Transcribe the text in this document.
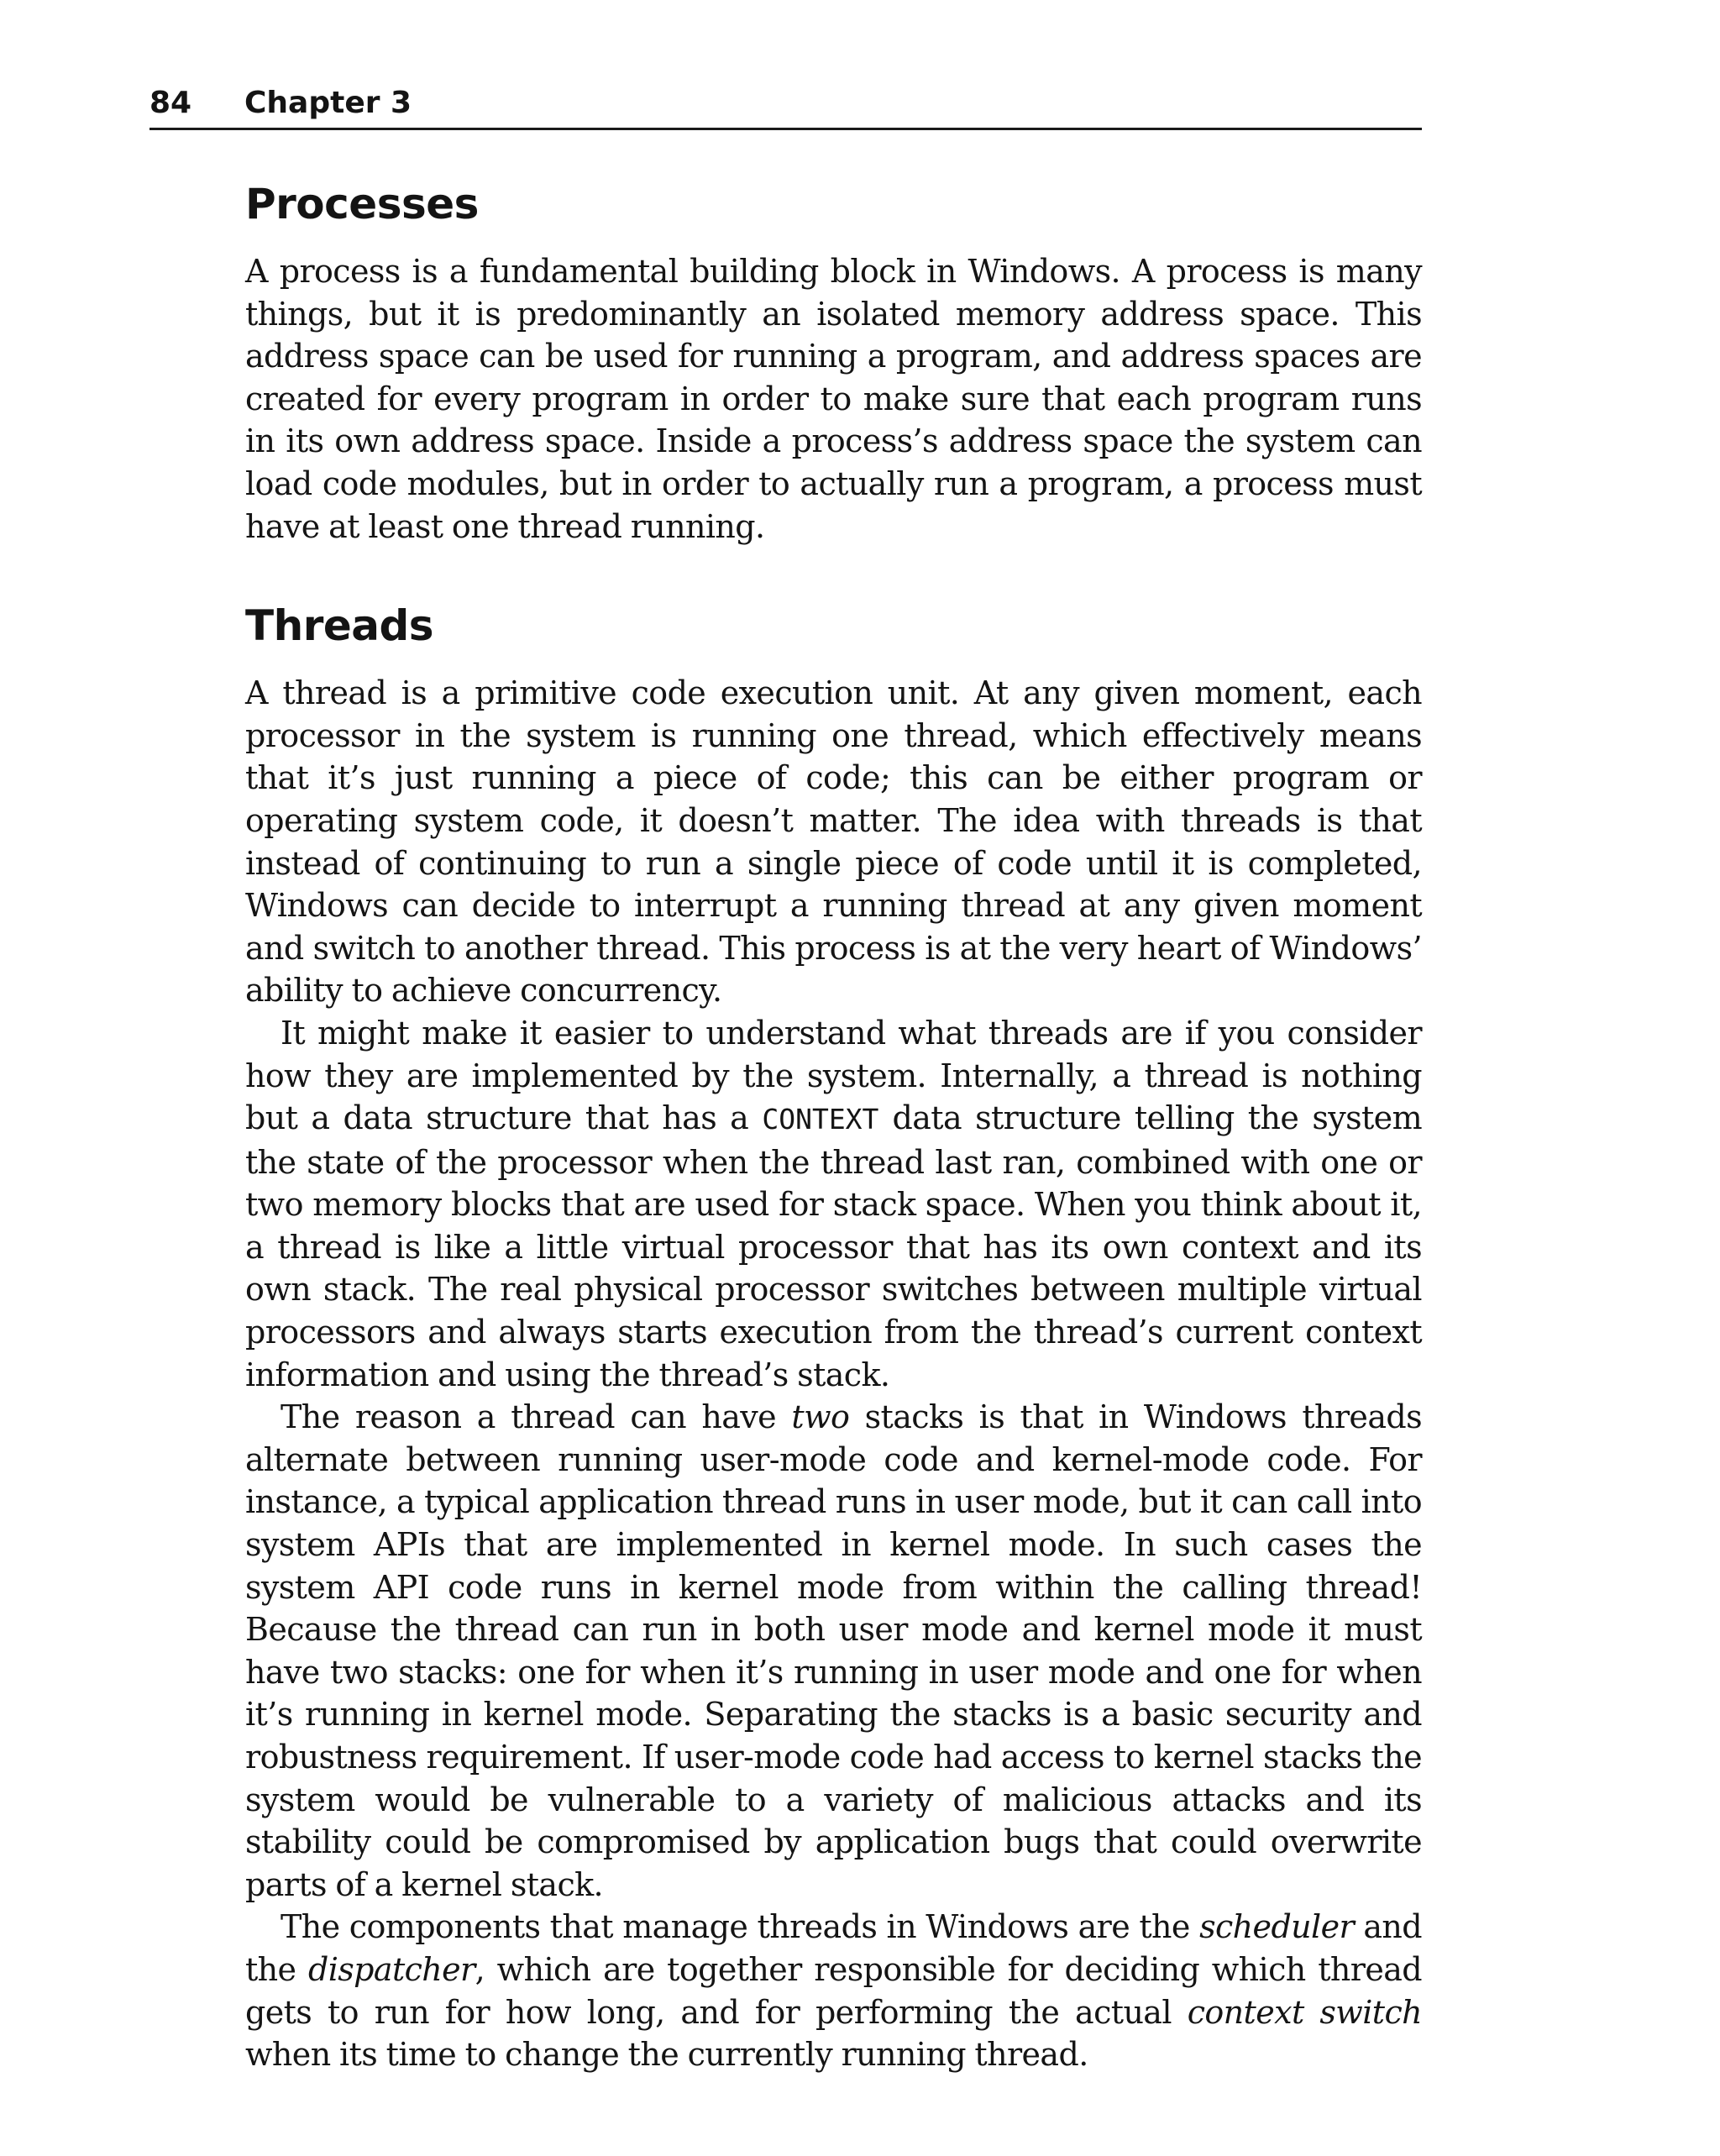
84 Chapter 3
Processes

A process is a fundamental building block in Windows. A process is many things, but it is predominantly an isolated memory address space. This address space can be used for running a program, and address spaces are created for every program in order to make sure that each program runs in its own address space. Inside a process’s address space the system can load code modules, but in order to actually run a program, a process must have at least one thread running.

Threads

A thread is a primitive code execution unit. At any given moment, each processor in the system is running one thread, which effectively means that it’s just running a piece of code; this can be either program or operating system code, it doesn’t matter. The idea with threads is that instead of continuing to run a single piece of code until it is completed, Windows can decide to interrupt a running thread at any given moment and switch to another thread. This process is at the very heart of Windows’ ability to achieve concurrency.

It might make it easier to understand what threads are if you consider how they are implemented by the system. Internally, a thread is nothing but a data structure that has a CONTEXT data structure telling the system the state of the processor when the thread last ran, combined with one or two memory blocks that are used for stack space. When you think about it, a thread is like a little virtual processor that has its own context and its own stack. The real physical processor switches between multiple virtual processors and always starts execution from the thread’s current context information and using the thread’s stack.

The reason a thread can have two stacks is that in Windows threads alternate between running user-mode code and kernel-mode code. For instance, a typical application thread runs in user mode, but it can call into system APIs that are implemented in kernel mode. In such cases the system API code runs in kernel mode from within the calling thread! Because the thread can run in both user mode and kernel mode it must have two stacks: one for when it’s running in user mode and one for when it’s running in kernel mode. Separating the stacks is a basic security and robustness requirement. If user-mode code had access to kernel stacks the system would be vulnerable to a variety of malicious attacks and its stability could be compromised by application bugs that could overwrite parts of a kernel stack.

The components that manage threads in Windows are the scheduler and the dispatcher, which are together responsible for deciding which thread gets to run for how long, and for performing the actual context switch when its time to change the currently running thread.
